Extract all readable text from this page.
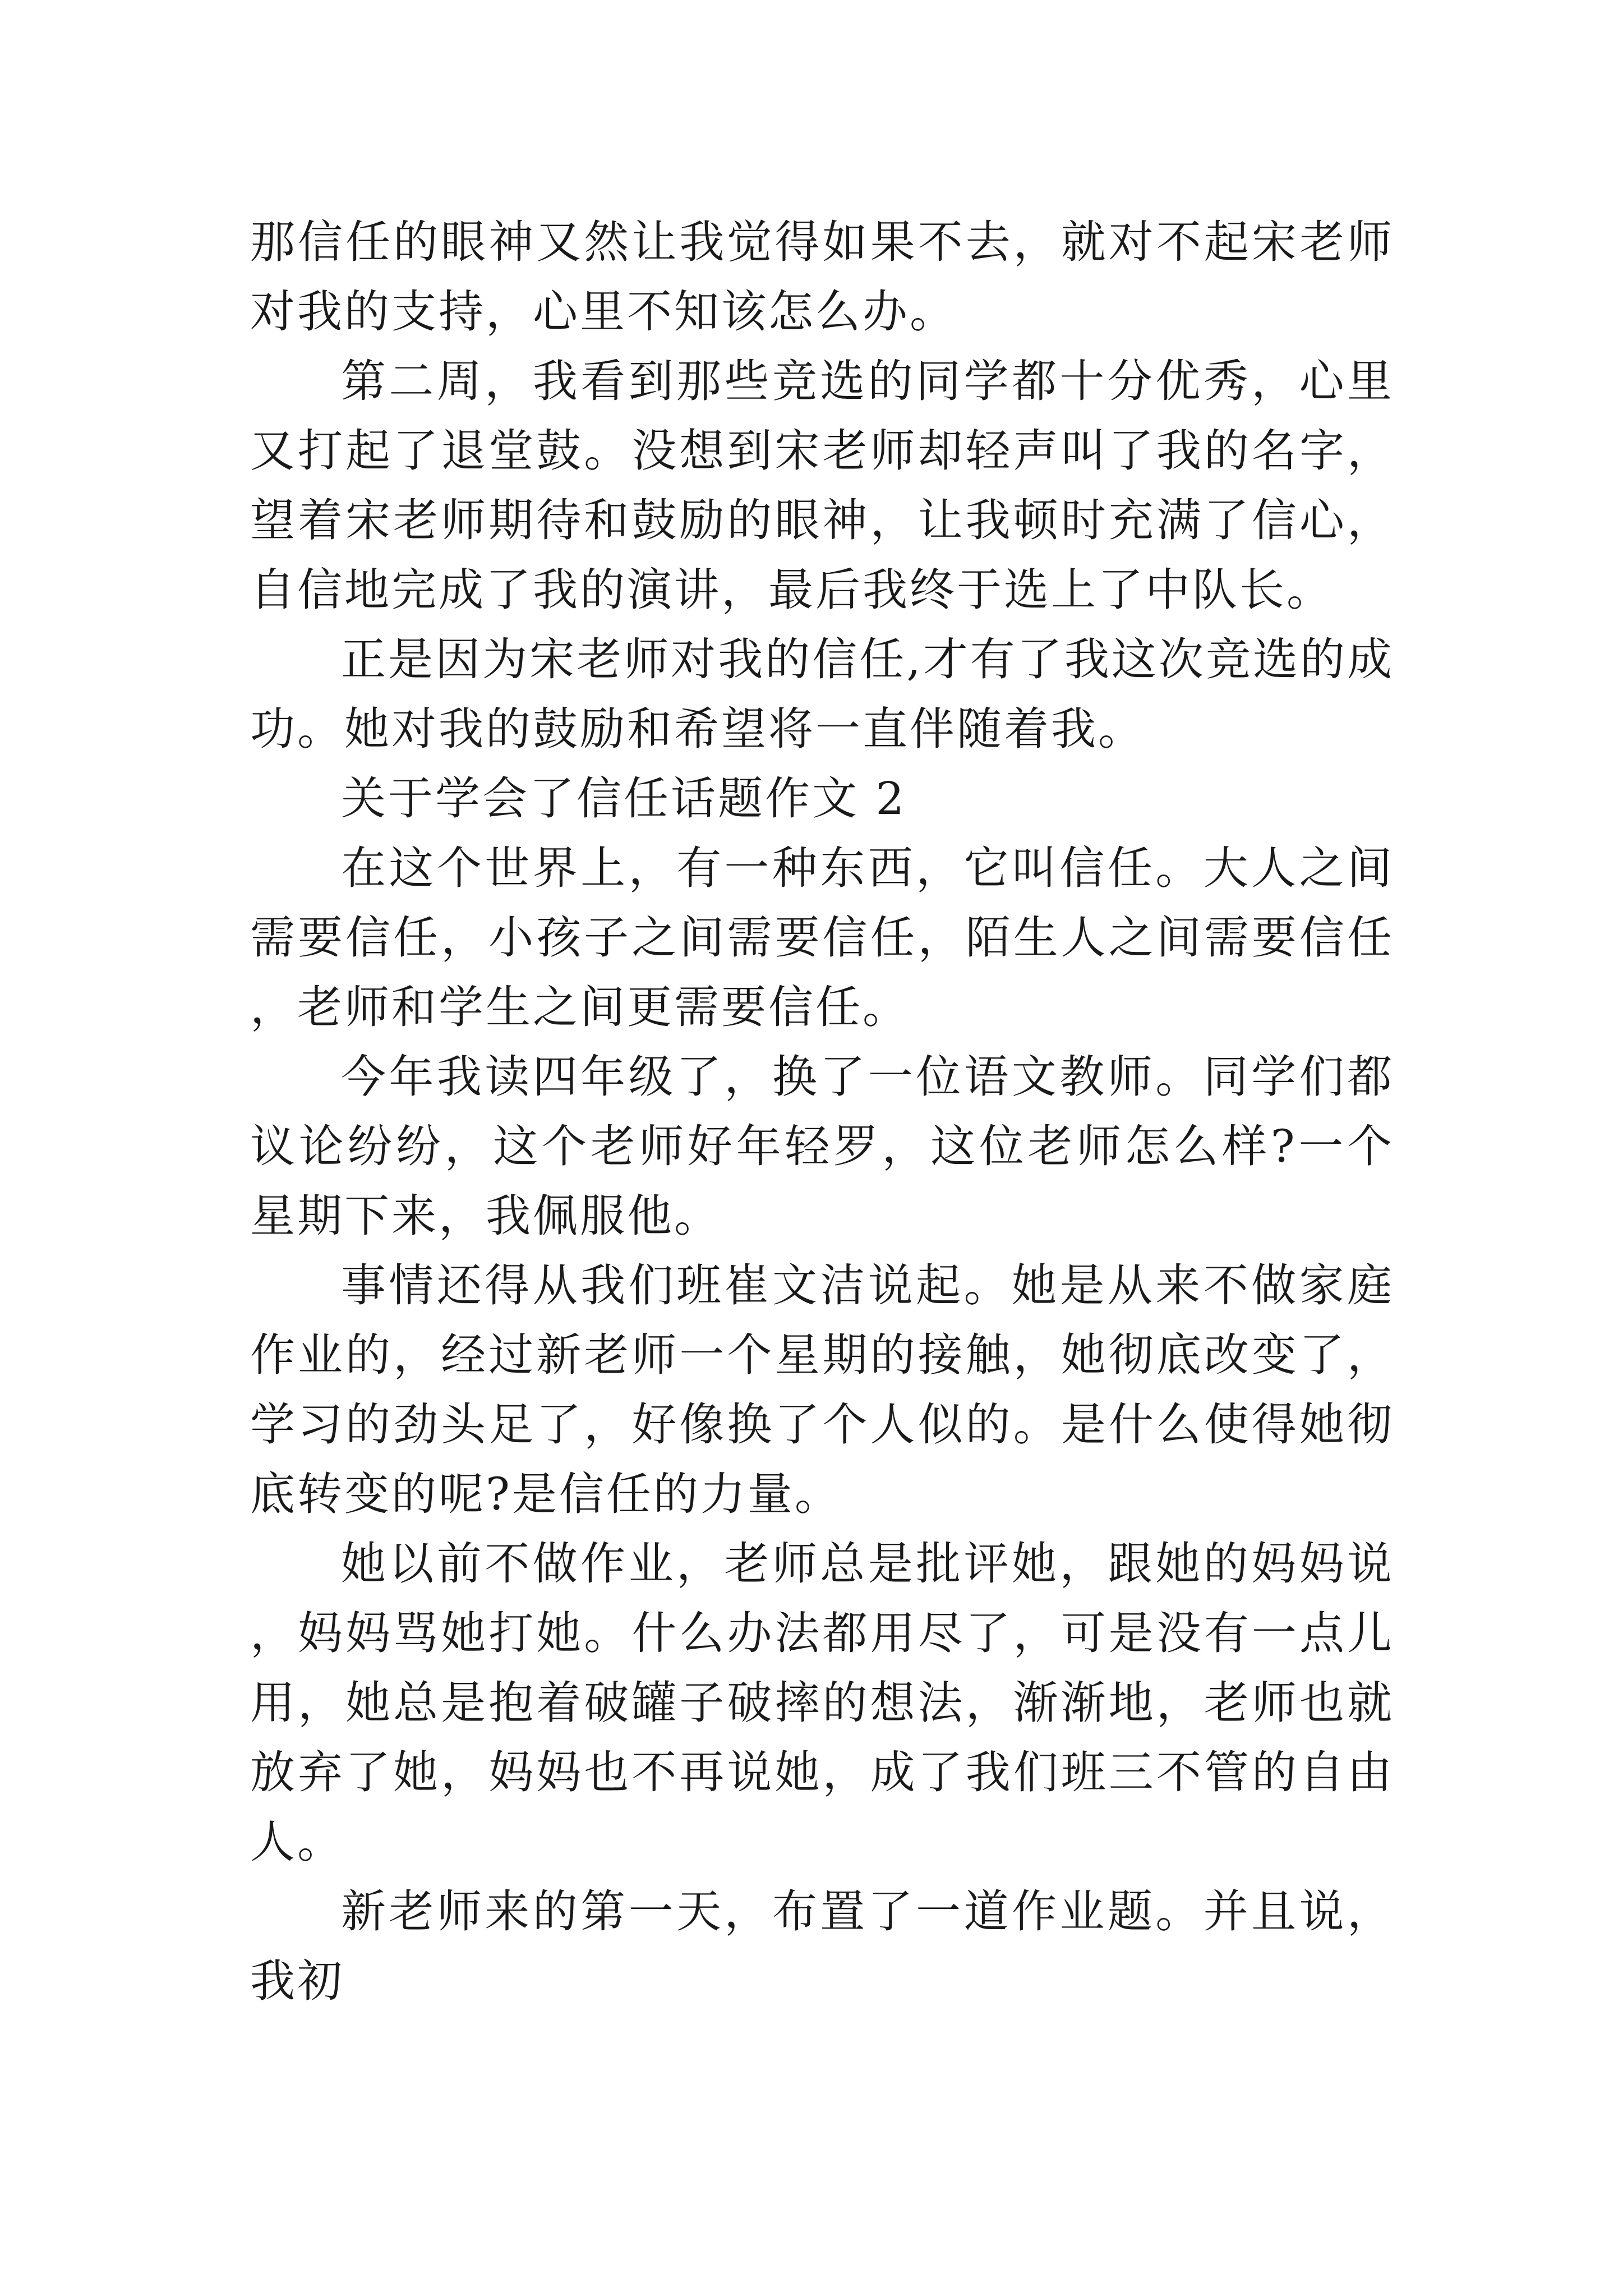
那信任的眼神又然让我觉得如果不去，就对不起宋老师对我的支持，心里不知该怎么办。

第二周，我看到那些竞选的同学都十分优秀，心里又打起了退堂鼓。没想到宋老师却轻声叫了我的名字，望着宋老师期待和鼓励的眼神，让我顿时充满了信心，自信地完成了我的演讲，最后我终于选上了中队长。

正是因为宋老师对我的信任,才有了我这次竞选的成功。她对我的鼓励和希望将一直伴随着我。

关于学会了信任话题作文 2

在这个世界上，有一种东西，它叫信任。大人之间需要信任，小孩子之间需要信任，陌生人之间需要信任，老师和学生之间更需要信任。

今年我读四年级了，换了一位语文教师。同学们都议论纷纷，这个老师好年轻罗，这位老师怎么样?一个星期下来，我佩服他。

事情还得从我们班崔文洁说起。她是从来不做家庭作业的，经过新老师一个星期的接触，她彻底改变了，学习的劲头足了，好像换了个人似的。是什么使得她彻底转变的呢?是信任的力量。

她以前不做作业，老师总是批评她，跟她的妈妈说，妈妈骂她打她。什么办法都用尽了，可是没有一点儿用，她总是抱着破罐子破摔的想法，渐渐地，老师也就放弃了她，妈妈也不再说她，成了我们班三不管的自由人。

新老师来的第一天，布置了一道作业题。并且说，我初
